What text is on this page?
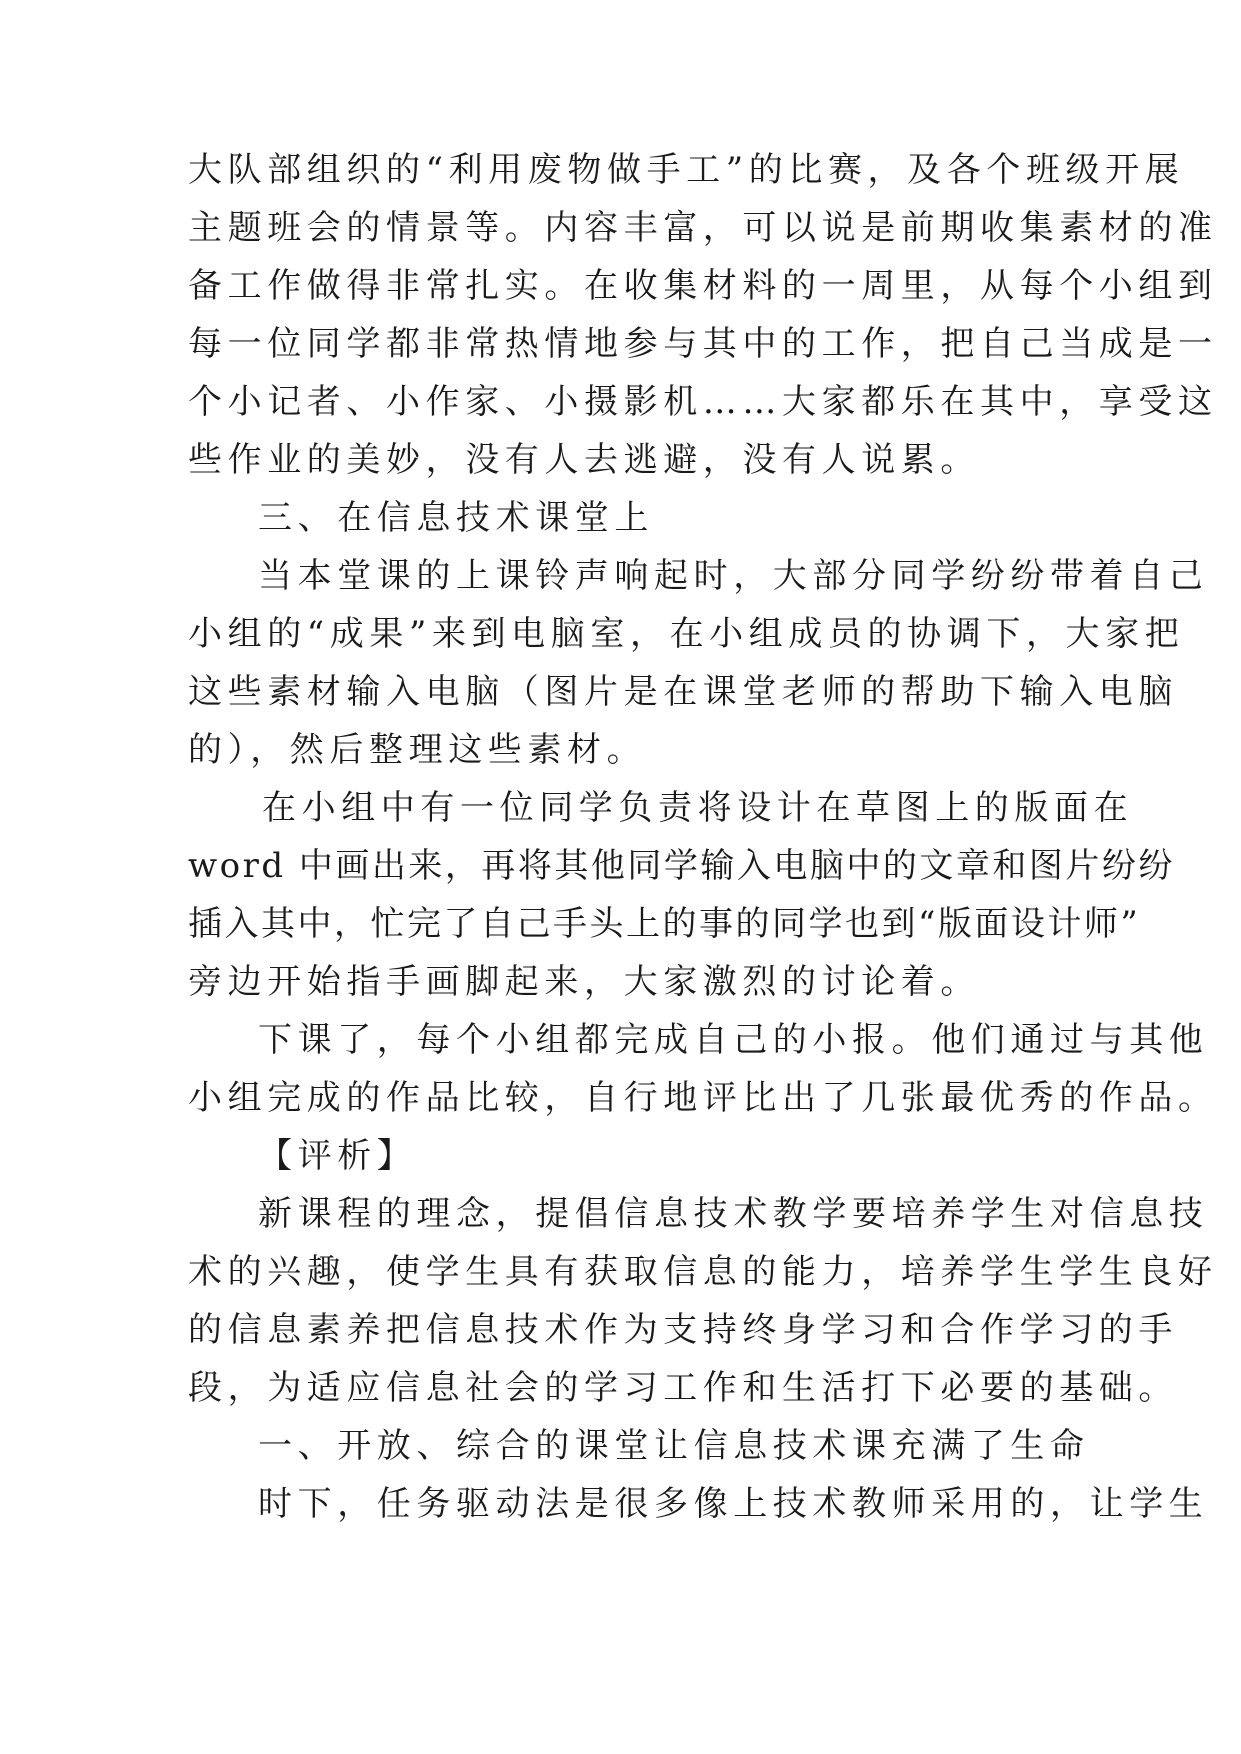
大队部组织的“利用废物做手工”的比赛，及各个班级开展
主题班会的情景等。内容丰富，可以说是前期收集素材的准
备工作做得非常扎实。在收集材料的一周里，从每个小组到
每一位同学都非常热情地参与其中的工作，把自己当成是一
个小记者、小作家、小摄影机……大家都乐在其中，享受这
些作业的美妙，没有人去逃避，没有人说累。
三、在信息技术课堂上
当本堂课的上课铃声响起时，大部分同学纷纷带着自己
小组的“成果”来到电脑室，在小组成员的协调下，大家把
这些素材输入电脑（图片是在课堂老师的帮助下输入电脑
的），然后整理这些素材。
在小组中有一位同学负责将设计在草图上的版面在
word 中画出来，再将其他同学输入电脑中的文章和图片纷纷
插入其中，忙完了自己手头上的事的同学也到“版面设计师”
旁边开始指手画脚起来，大家激烈的讨论着。
下课了，每个小组都完成自己的小报。他们通过与其他
小组完成的作品比较，自行地评比出了几张最优秀的作品。
【评析】
新课程的理念，提倡信息技术教学要培养学生对信息技
术的兴趣，使学生具有获取信息的能力，培养学生学生良好
的信息素养把信息技术作为支持终身学习和合作学习的手
段，为适应信息社会的学习工作和生活打下必要的基础。
一、开放、综合的课堂让信息技术课充满了生命
时下，任务驱动法是很多像上技术教师采用的，让学生
